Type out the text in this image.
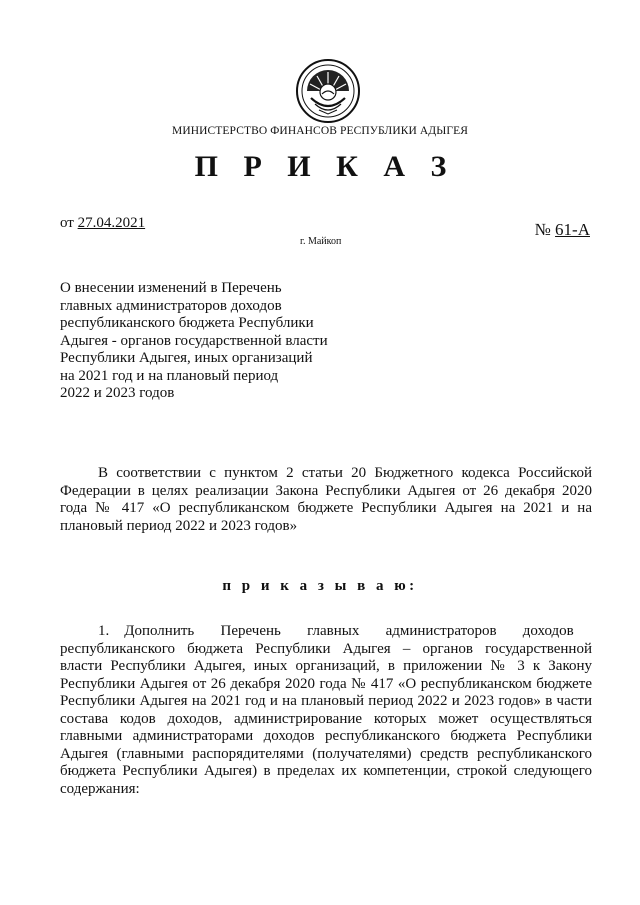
МИНИСТЕРСТВО ФИНАНСОВ РЕСПУБЛИКИ АДЫГЕЯ
П Р И К А З
от 27.04.2021	№ 61-А
г. Майкоп
О внесении изменений в Перечень
главных администраторов доходов
республиканского бюджета Республики
Адыгея - органов государственной власти
Республики Адыгея, иных организаций
на 2021 год и на плановый период
2022 и 2023 годов
В соответствии с пунктом 2 статьи 20 Бюджетного кодекса Российской
Федерации в целях реализации Закона Республики Адыгея от 26 декабря 2020
года № 417 «О республиканском бюджете Республики Адыгея на 2021 и на
плановый период 2022 и 2023 годов»
п р и к а з ы в а ю:
1.    Дополнить       Перечень       главных       администраторов       доходов
республиканского бюджета Республики Адыгея – органов государственной
власти Республики Адыгея, иных организаций, в приложении № 3 к Закону
Республики Адыгея от 26 декабря 2020 года № 417 «О республиканском бюджете
Республики Адыгея на 2021 год и на плановый период 2022 и 2023 годов» в части
состава кодов доходов, администрирование которых может осуществляться
главными администраторами доходов республиканского бюджета Республики
Адыгея (главными распорядителями (получателями) средств республиканского
бюджета Республики Адыгея) в пределах их компетенции, строкой следующего
содержания:
